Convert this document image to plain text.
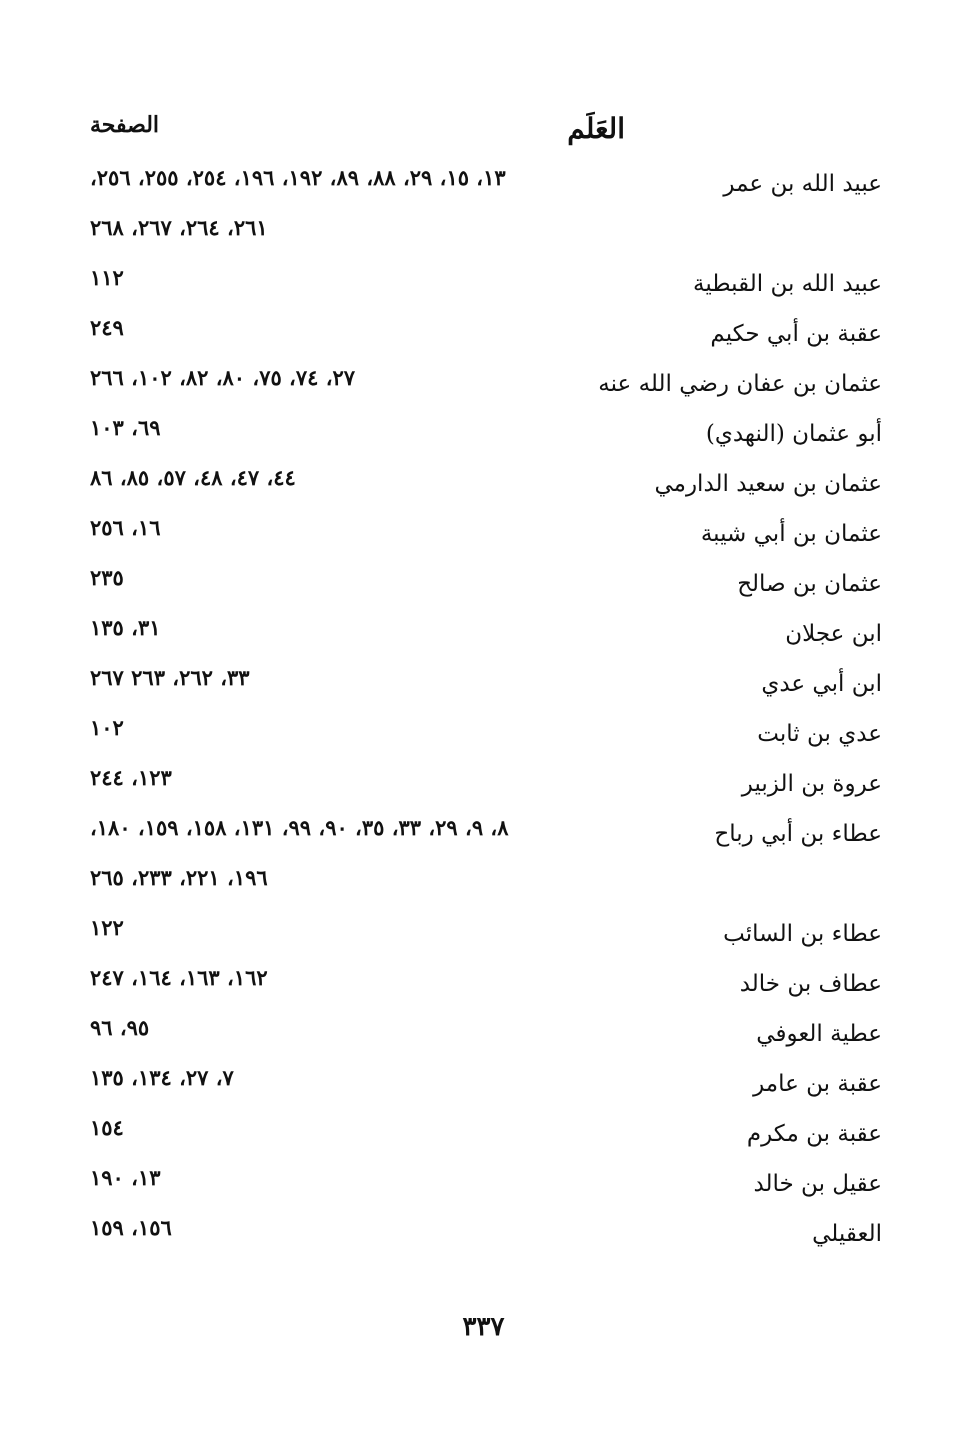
العَلَم
الصفحة
عبيد الله بن عمر
١٣، ١٥، ٢٩، ٨٨، ٨٩، ١٩٢، ١٩٦، ٢٥٤، ٢٥٥، ٢٥٦،
٢٦١، ٢٦٤، ٢٦٧، ٢٦٨
عبيد الله بن القبطية
١١٢
عقبة بن أبي حكيم
٢٤٩
عثمان بن عفان رضي الله عنه
٢٧، ٧٤، ٧٥، ٨٠، ٨٢، ١٠٢، ٢٦٦
أبو عثمان (النهدي)
٦٩، ١٠٣
عثمان بن سعيد الدارمي
٤٤، ٤٧، ٤٨، ٥٧، ٨٥، ٨٦
عثمان بن أبي شيبة
١٦، ٢٥٦
عثمان بن صالح
٢٣٥
ابن عجلان
٣١، ١٣٥
ابن أبي عدي
٣٣، ٢٦٢، ٢٦٣ ٢٦٧
عدي بن ثابت
١٠٢
عروة بن الزبير
١٢٣، ٢٤٤
عطاء بن أبي رباح
٨، ٩، ٢٩، ٣٣، ٣٥، ٩٠، ٩٩، ١٣١، ١٥٨، ١٥٩، ١٨٠،
١٩٦، ٢٢١، ٢٣٣، ٢٦٥
عطاء بن السائب
١٢٢
عطاف بن خالد
١٦٢، ١٦٣، ١٦٤، ٢٤٧
عطية العوفي
٩٥، ٩٦
عقبة بن عامر
٧، ٢٧، ١٣٤، ١٣٥
عقبة بن مكرم
١٥٤
عقيل بن خالد
١٣، ١٩٠
العقيلي
١٥٦، ١٥٩
٣٣٧
